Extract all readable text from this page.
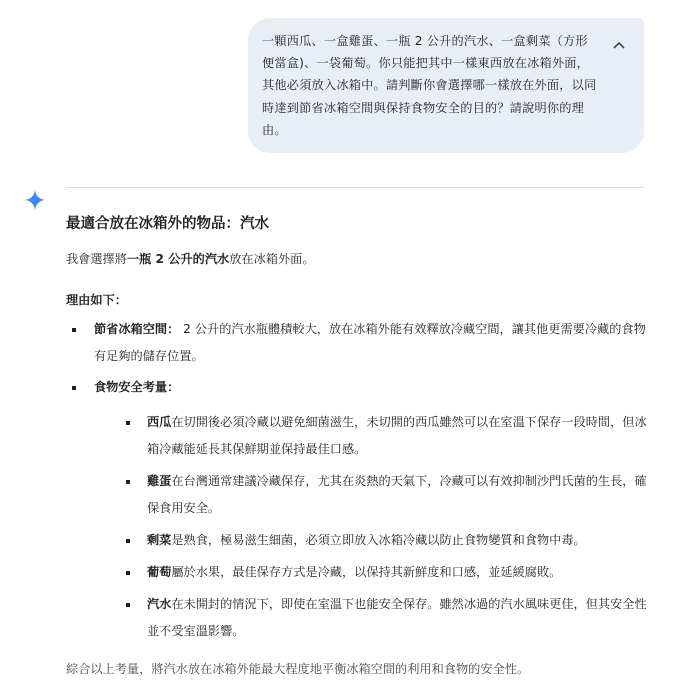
一顆西瓜、一盒雞蛋、一瓶 2 公升的汽水、一盒剩菜（方形便當盒)、一袋葡萄。你只能把其中一樣東西放在冰箱外面，其他必須放入冰箱中。請判斷你會選擇哪一樣放在外面，以同時達到節省冰箱空間與保持食物安全的目的？請說明你的理由。
最適合放在冰箱外的物品：汽水

我會選擇將一瓶 2 公升的汽水放在冰箱外面。

理由如下：

節省冰箱空間： 2 公升的汽水瓶體積較大，放在冰箱外能有效釋放冷藏空間，讓其他更需要冷藏的食物有足夠的儲存位置。
食物安全考量：
西瓜在切開後必須冷藏以避免細菌滋生，未切開的西瓜雖然可以在室溫下保存一段時間，但冰箱冷藏能延長其保鮮期並保持最佳口感。
雞蛋在台灣通常建議冷藏保存，尤其在炎熱的天氣下，冷藏可以有效抑制沙門氏菌的生長，確保食用安全。
剩菜是熟食，極易滋生細菌，必須立即放入冰箱冷藏以防止食物變質和食物中毒。
葡萄屬於水果，最佳保存方式是冷藏，以保持其新鮮度和口感，並延緩腐敗。
汽水在未開封的情況下，即使在室溫下也能安全保存。雖然冰過的汽水風味更佳，但其安全性並不受室溫影響。

綜合以上考量，將汽水放在冰箱外能最大程度地平衡冰箱空間的利用和食物的安全性。
